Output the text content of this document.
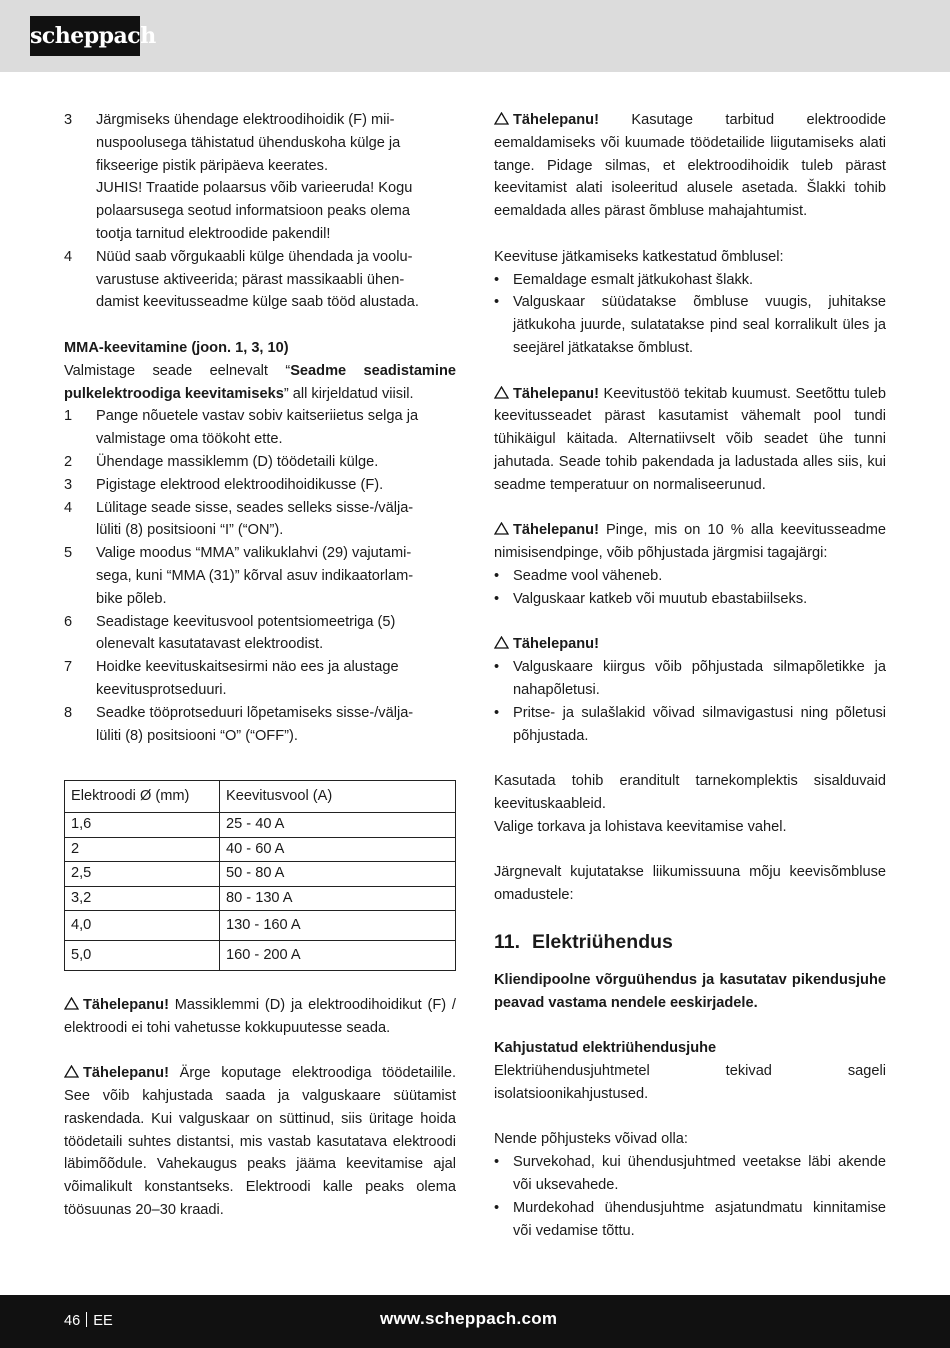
scheppach
3	Järgmiseks ühendage elektroodihoidik (F) mii-
nuspoolusega tähistatud ühenduskoha külge ja
fikseerige pistik päripäeva keerates.
JUHIS! Traatide polaarsus võib varieeruda! Kogu
polaarsusega seotud informatsioon peaks olema
tootja tarnitud elektroodide pakendil!
4	Nüüd saab võrgukaabli külge ühendada ja voolu-
varustuse aktiveerida; pärast massikaabli ühen-
damist keevitusseadme külge saab tööd alustada.

MMA-keevitamine (joon. 1, 3, 10)

Valmistage seade eelnevalt “Seadme seadistamine pulkelektroodiga keevitamiseks” all kirjeldatud viisil.

1	Pange nõuetele vastav sobiv kaitseriietus selga ja
valmistage oma töökoht ette.
2	Ühendage massiklemm (D) töödetaili külge.
3	Pigistage elektrood elektroodihoidikusse (F).
4	Lülitage seade sisse, seades selleks sisse-/välja-
lüliti (8) positsiooni “I” (“ON”).
5	Valige moodus “MMA” valikuklahvi (29) vajutami-
sega, kuni “MMA (31)” kõrval asuv indikaatorlam-
bike põleb.
6	Seadistage keevitusvool potentsiomeetriga (5)
olenevalt kasutatavast elektroodist.
7	Hoidke keevituskaitsesirmi näo ees ja alustage
keevitusprotseduuri.
8	Seadke tööprotseduuri lõpetamiseks sisse-/välja-
lüliti (8) positsiooni “O” (“OFF”).
Elektroodi Ø (mm)	Keevitusvool (A)
1,6	25 - 40 A
2	40 - 60 A
2,5	50 - 80 A
3,2	80 - 130 A
4,0	130 - 160 A
5,0	160 - 200 A

Tähelepanu! Massiklemmi (D) ja elektroodihoidikut (F) / elektroodi ei tohi vahetusse kokkupuutesse seada.

Tähelepanu! Ärge koputage elektroodiga töödetailile. See võib kahjustada saada ja valguskaare süütamist raskendada. Kui valguskaar on süttinud, siis üritage hoida töödetaili suhtes distantsi, mis vastab kasutatava elektroodi läbimõõdule. Vahekaugus peaks jääma keevitamise ajal võimalikult konstantseks. Elektroodi kalle peaks olema töösuunas 20–30 kraadi.

Tähelepanu! Kasutage tarbitud elektroodide eemaldamiseks või kuumade töödetailide liigutamiseks alati tange. Pidage silmas, et elektroodihoidik tuleb pärast keevitamist alati isoleeritud alusele asetada. Šlakki tohib eemaldada alles pärast õmbluse mahajahtumist.

Keevituse jätkamiseks katkestatud õmblusel:

• Eemaldage esmalt jätkukohast šlakk.
• Valguskaar süüdatakse õmbluse vuugis, juhitakse jätkukoha juurde, sulatatakse pind seal korralikult üles ja seejärel jätkatakse õmblust.

Tähelepanu! Keevitustöö tekitab kuumust. Seetõttu tuleb keevitusseadet pärast kasutamist vähemalt pool tundi tühikäigul käitada. Alternatiivselt võib seadet ühe tunni jahutada. Seade tohib pakendada ja ladustada alles siis, kui seadme temperatuur on normaliseerunud.

Tähelepanu! Pinge, mis on 10 % alla keevitusseadme nimisisendpinge, võib põhjustada järgmisi tagajärgi:

• Seadme vool väheneb.
• Valguskaar katkeb või muutub ebastabiilseks.

Tähelepanu!

• Valguskaare kiirgus võib põhjustada silmapõletikke ja nahapõletusi.
• Pritse- ja sulašlakid võivad silmavigastusi ning põletusi põhjustada.

Kasutada tohib eranditult tarnekomplektis sisalduvaid keevituskaableid.

Valige torkava ja lohistava keevitamise vahel.

Järgnevalt kujutatakse liikumissuuna mõju keevisõmbluse omadustele:

11. Elektriühendus

Kliendipoolne võrguühendus ja kasutatav pikendusjuhe peavad vastama nendele eeskirjadele.

Kahjustatud elektriühendusjuhe

Elektriühendusjuhtmetel tekivad sageli isolatsioonikahjustused.

Nende põhjusteks võivad olla:

• Survekohad, kui ühendusjuhtmed veetakse läbi akende või uksevahede.
• Murdekohad ühendusjuhtme asjatundmatu kinnitamise või vedamise tõttu.
46 EE	www.scheppach.com
